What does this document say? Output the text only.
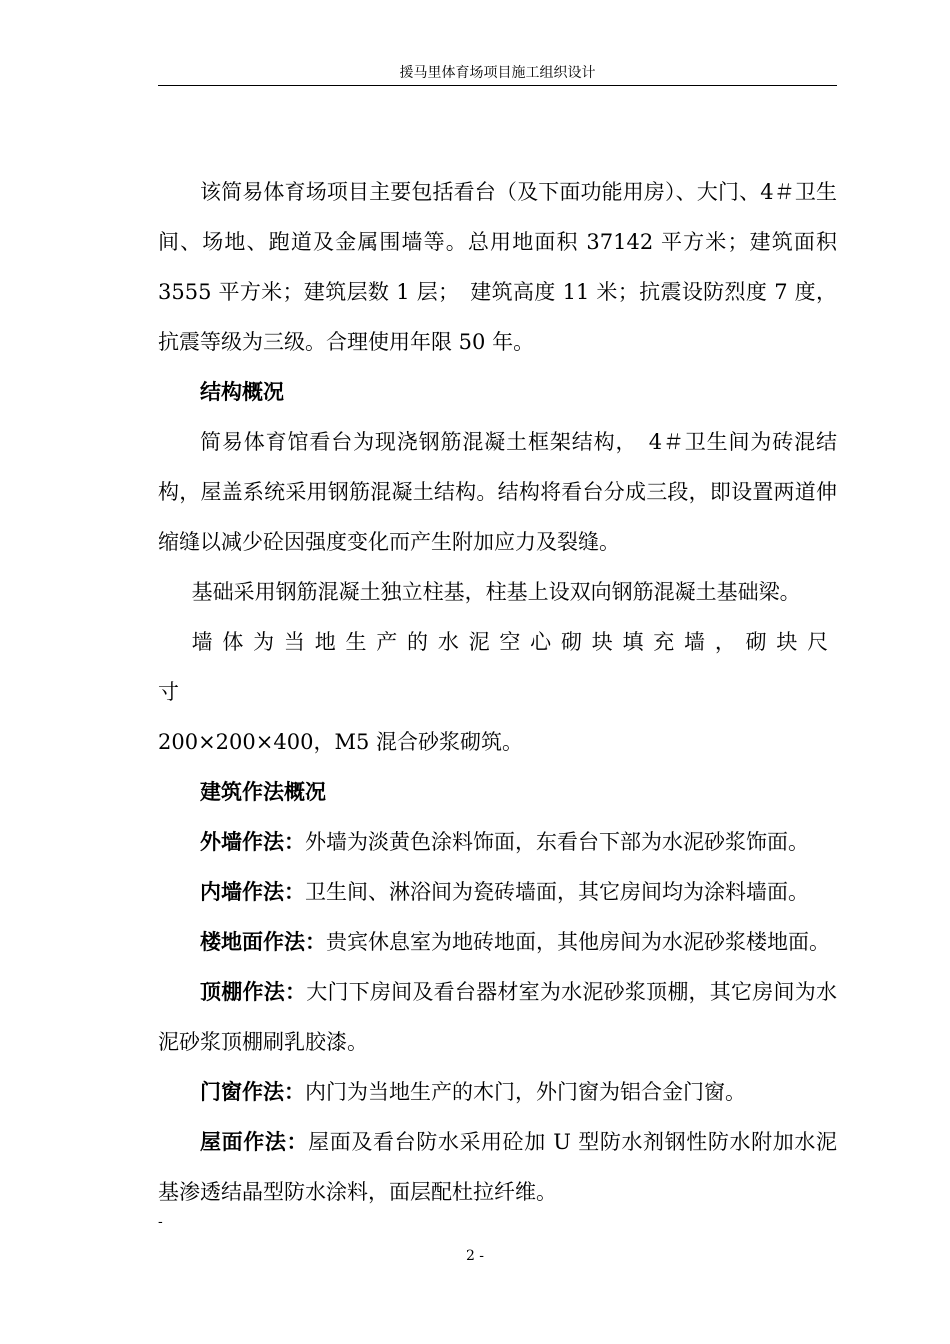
援马里体育场项目施工组织设计

该简易体育场项目主要包括看台（及下面功能用房）、大门、4＃卫生间、场地、跑道及金属围墙等。总用地面积 37142 平方米；建筑面积 3555 平方米；建筑层数 1 层；　建筑高度 11 米；抗震设防烈度 7 度，抗震等级为三级。合理使用年限 50 年。

结构概况

简易体育馆看台为现浇钢筋混凝土框架结构，　4＃卫生间为砖混结构，屋盖系统采用钢筋混凝土结构。结构将看台分成三段，即设置两道伸缩缝以减少砼因强度变化而产生附加应力及裂缝。

基础采用钢筋混凝土独立柱基，柱基上设双向钢筋混凝土基础梁。

墙体为当地生产的水泥空心砌块填充墙，砌块尺寸

200×200×400，M5 混合砂浆砌筑。

建筑作法概况

外墙作法：外墙为淡黄色涂料饰面，东看台下部为水泥砂浆饰面。

内墙作法：卫生间、淋浴间为瓷砖墙面，其它房间均为涂料墙面。

楼地面作法：贵宾休息室为地砖地面，其他房间为水泥砂浆楼地面。

顶棚作法：大门下房间及看台器材室为水泥砂浆顶棚，其它房间为水泥砂浆顶棚刷乳胶漆。

门窗作法：内门为当地生产的木门，外门窗为铝合金门窗。

屋面作法：屋面及看台防水采用砼加 U 型防水剂钢性防水附加水泥基渗透结晶型防水涂料，面层配杜拉纤维。

-
2 -
